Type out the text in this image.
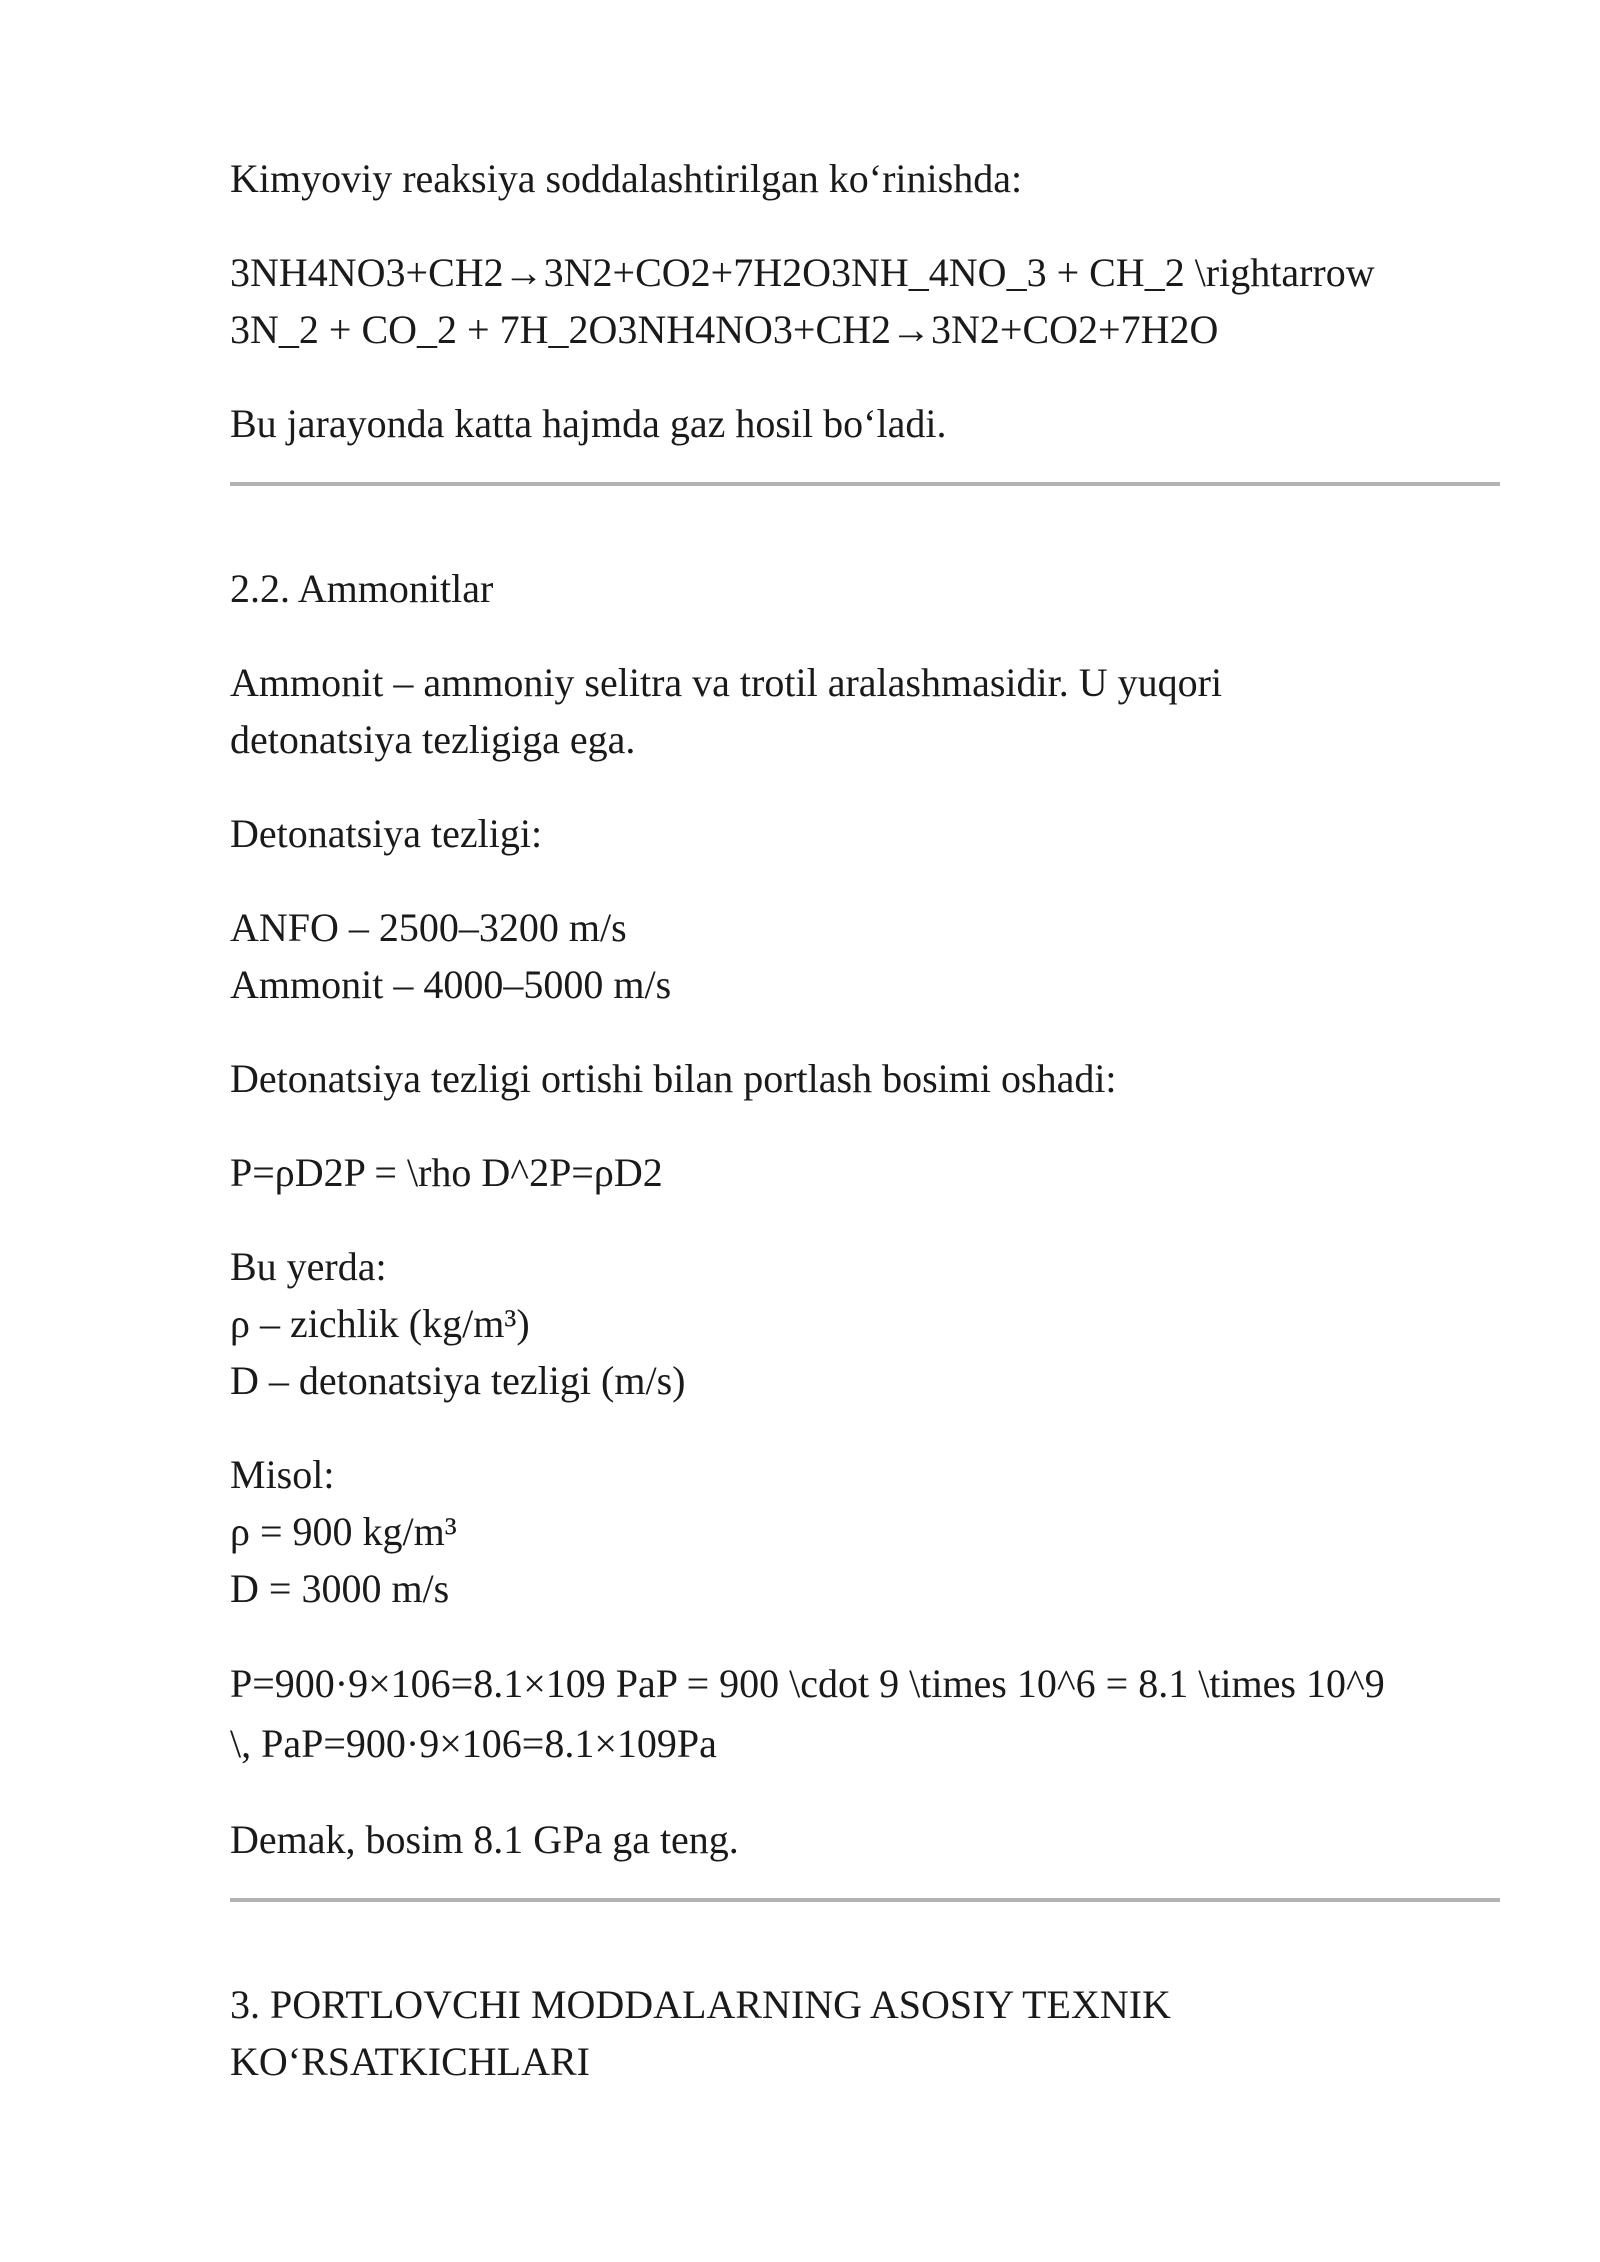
Kimyoviy reaksiya soddalashtirilgan ko‘rinishda:

3NH4NO3+CH2→3N2+CO2+7H2O3NH_4NO_3 + CH_2 \rightarrow
3N_2 + CO_2 + 7H_2O3NH4NO3+CH2→3N2+CO2+7H2O

Bu jarayonda katta hajmda gaz hosil bo‘ladi.

2.2. Ammonitlar

Ammonit – ammoniy selitra va trotil aralashmasidir. U yuqori
detonatsiya tezligiga ega.

Detonatsiya tezligi:

ANFO – 2500–3200 m/s
Ammonit – 4000–5000 m/s

Detonatsiya tezligi ortishi bilan portlash bosimi oshadi:

P=ρD2P = \rho D^2P=ρD2

Bu yerda:
ρ – zichlik (kg/m³)
D – detonatsiya tezligi (m/s)

Misol:
ρ = 900 kg/m³
D = 3000 m/s

P=900·9×106=8.1×109 PaP = 900 \cdot 9 \times 10^6 = 8.1 \times 10^9
\, PaP=900·9×106=8.1×109Pa

Demak, bosim 8.1 GPa ga teng.

3. PORTLOVCHI MODDALARNING ASOSIY TEXNIK
KO‘RSATKICHLARI
